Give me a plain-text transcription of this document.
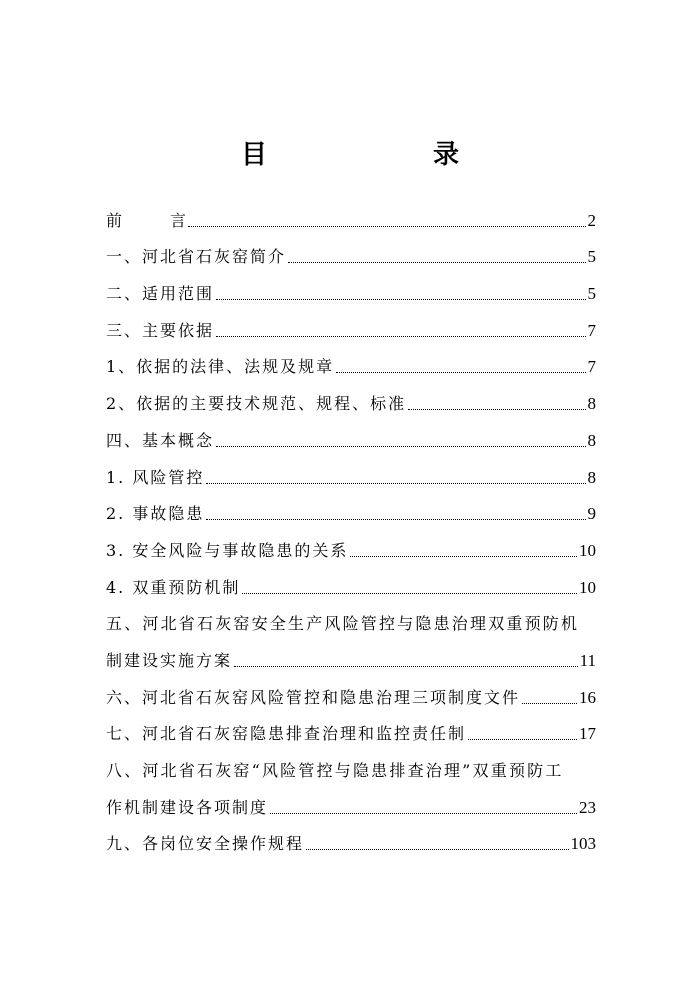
目　录
前	言	2
一、河北省石灰窑简介	5
二、适用范围	5
三、主要依据	7
1、依据的法律、法规及规章	7
2、依据的主要技术规范、规程、标准	8
四、基本概念	8
1. 风险管控	8
2. 事故隐患	9
3. 安全风险与事故隐患的关系	10
4. 双重预防机制	10
五、河北省石灰窑安全生产风险管控与隐患治理双重预防机
制建设实施方案	11
六、河北省石灰窑风险管控和隐患治理三项制度文件	16
七、河北省石灰窑隐患排查治理和监控责任制	17
八、河北省石灰窑“风险管控与隐患排查治理”双重预防工
作机制建设各项制度	23
九、各岗位安全操作规程	103
